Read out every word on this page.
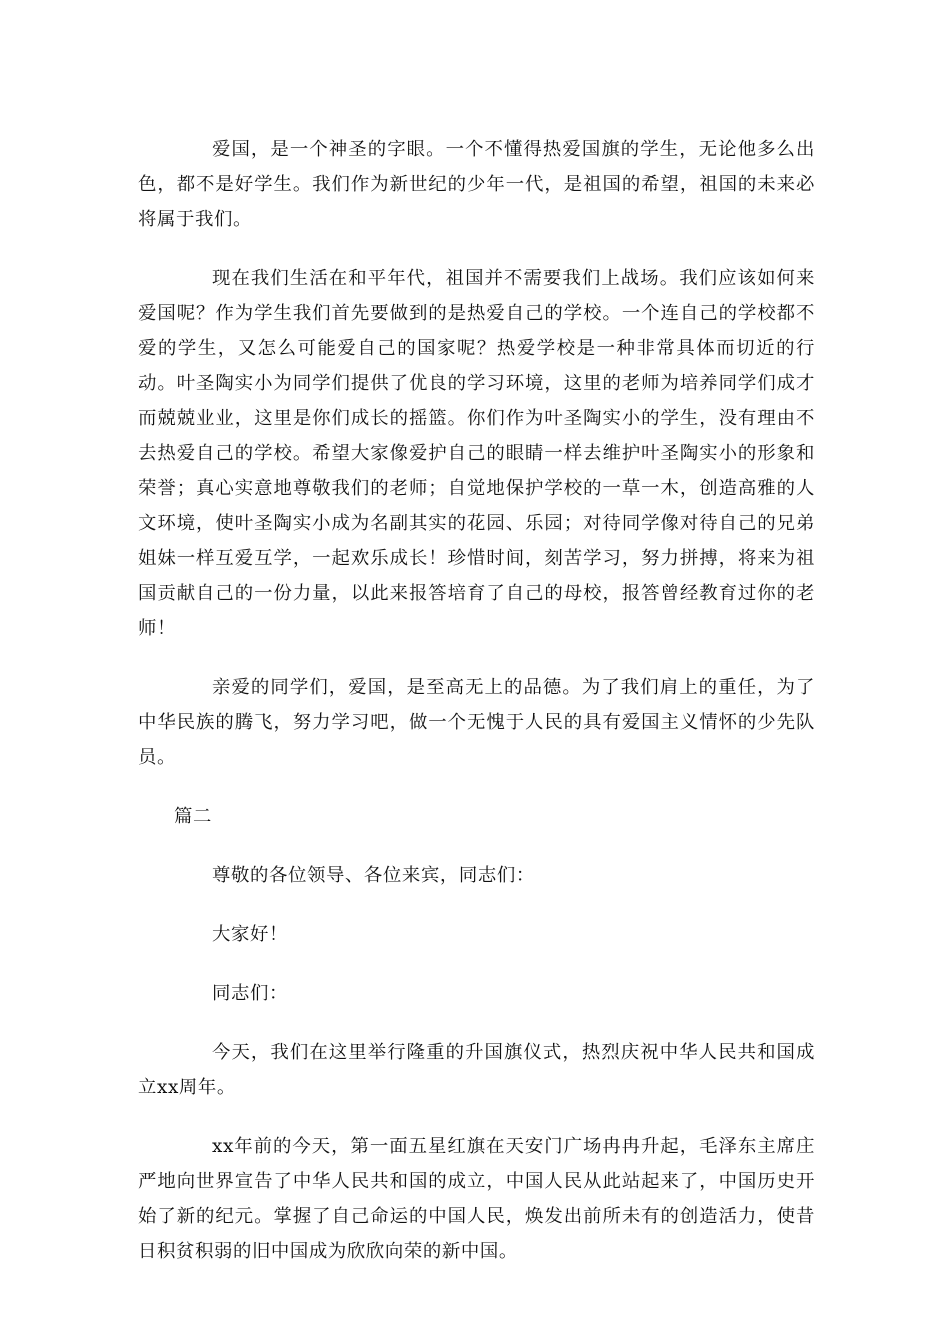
爱国，是一个神圣的字眼。一个不懂得热爱国旗的学生，无论他多么出色，都不是好学生。我们作为新世纪的少年一代，是祖国的希望，祖国的未来必将属于我们。

现在我们生活在和平年代，祖国并不需要我们上战场。我们应该如何来爱国呢？作为学生我们首先要做到的是热爱自己的学校。一个连自己的学校都不爱的学生，又怎么可能爱自己的国家呢？热爱学校是一种非常具体而切近的行动。叶圣陶实小为同学们提供了优良的学习环境，这里的老师为培养同学们成才而兢兢业业，这里是你们成长的摇篮。你们作为叶圣陶实小的学生，没有理由不去热爱自己的学校。希望大家像爱护自己的眼睛一样去维护叶圣陶实小的形象和荣誉；真心实意地尊敬我们的老师；自觉地保护学校的一草一木，创造高雅的人文环境，使叶圣陶实小成为名副其实的花园、乐园；对待同学像对待自己的兄弟姐妹一样互爱互学，一起欢乐成长！珍惜时间，刻苦学习，努力拼搏，将来为祖国贡献自己的一份力量，以此来报答培育了自己的母校，报答曾经教育过你的老师！

亲爱的同学们，爱国，是至高无上的品德。为了我们肩上的重任，为了中华民族的腾飞，努力学习吧，做一个无愧于人民的具有爱国主义情怀的少先队员。

篇二

尊敬的各位领导、各位来宾，同志们：

大家好！

同志们：

今天，我们在这里举行隆重的升国旗仪式，热烈庆祝中华人民共和国成立xx周年。

xx年前的今天，第一面五星红旗在天安门广场冉冉升起，毛泽东主席庄严地向世界宣告了中华人民共和国的成立，中国人民从此站起来了，中国历史开始了新的纪元。掌握了自己命运的中国人民，焕发出前所未有的创造活力，使昔日积贫积弱的旧中国成为欣欣向荣的新中国。
